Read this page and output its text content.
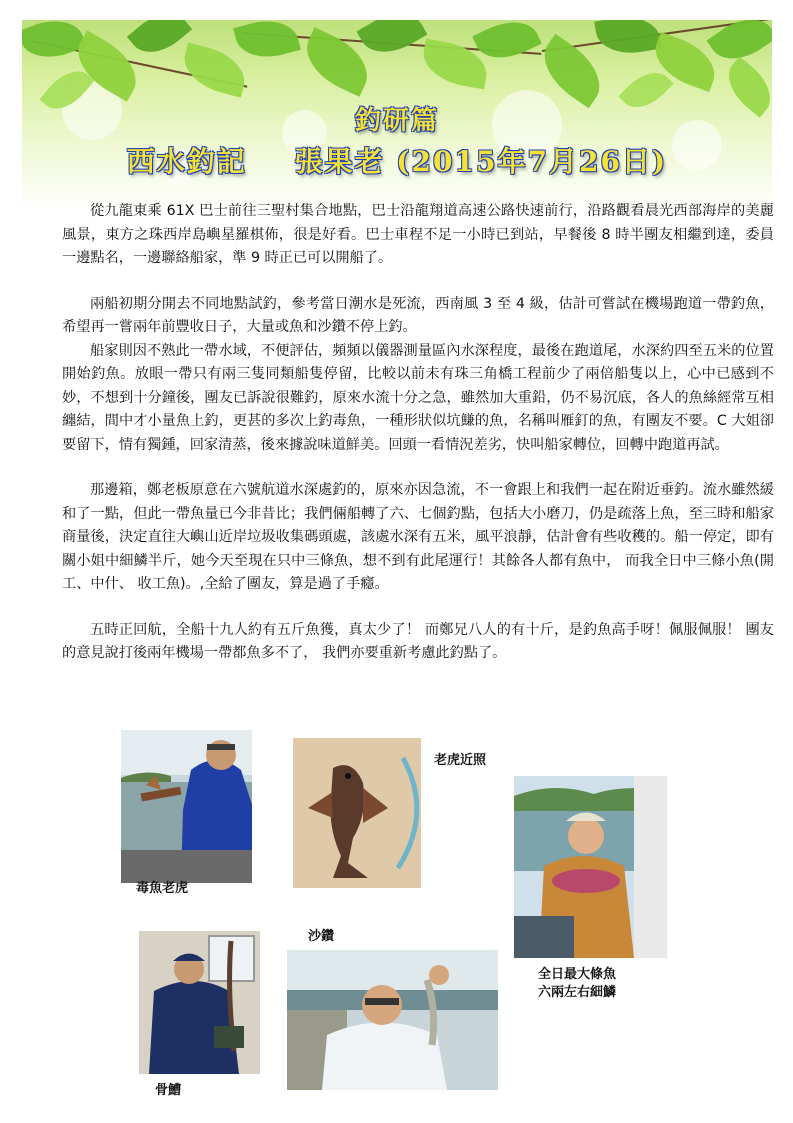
釣研篇
西水釣記 張果老 (2015年7月26日)

從九龍東乘 61X 巴士前往三聖村集合地點，巴士沿龍翔道高速公路快速前行，沿路觀看晨光西部海岸的美麗風景，東方之珠西岸島嶼星羅棋佈，很是好看。巴士車程不足一小時已到站，早餐後 8 時半團友相繼到達，委員一邊點名，一邊聯絡船家，準 9 時正已可以開船了。

兩船初期分開去不同地點試釣，參考當日潮水是死流，西南風 3 至 4 級，估計可嘗試在機場跑道一帶釣魚，希望再一嘗兩年前豐收日子，大量或魚和沙鑽不停上釣。

船家則因不熟此一帶水域，不便評估，頻頻以儀器測量區內水深程度，最後在跑道尾，水深約四至五米的位置開始釣魚。放眼一帶只有兩三隻同類船隻停留，比較以前未有珠三角橋工程前少了兩倍船隻以上，心中已感到不妙，不想到十分鐘後，團友已訴說很難釣，原來水流十分之急，雖然加大重鉛，仍不易沉底，各人的魚絲經常互相纏結，間中才小量魚上釣，更甚的多次上釣毒魚，一種形狀似坑鰜的魚，名稱叫雁釘的魚，有團友不要。C 大姐卻要留下，情有獨鍾，回家清蒸，後來據說味道鮮美。回頭一看情況差劣，快叫船家轉位，回轉中跑道再試。

那邊箱，鄭老板原意在六號航道水深處釣的，原來亦因急流，不一會跟上和我們一起在附近垂釣。流水雖然緩和了一點，但此一帶魚量已今非昔比；我們倆船轉了六、七個釣點，包括大小磨刀，仍是疏落上魚，至三時和船家商量後，決定直往大嶼山近岸垃圾收集碼頭處，該處水深有五米，風平浪靜，估計會有些收穫的。船一停定，即有關小姐中細鱗半斤，她今天至現在只中三條魚，想不到有此尾運行！其餘各人都有魚中， 而我全日中三條小魚(開工、中什、 收工魚)。,全給了團友，算是過了手癮。

五時正回航，全船十九人約有五斤魚獲，真太少了！ 而鄭兄八人的有十斤，是釣魚高手呀！佩服佩服！ 團友的意見說打後兩年機場一帶都魚多不了， 我們亦要重新考慮此釣點了。

毒魚老虎
老虎近照
全日最大條魚
六兩左右細鱗
骨鰽
沙鑽
